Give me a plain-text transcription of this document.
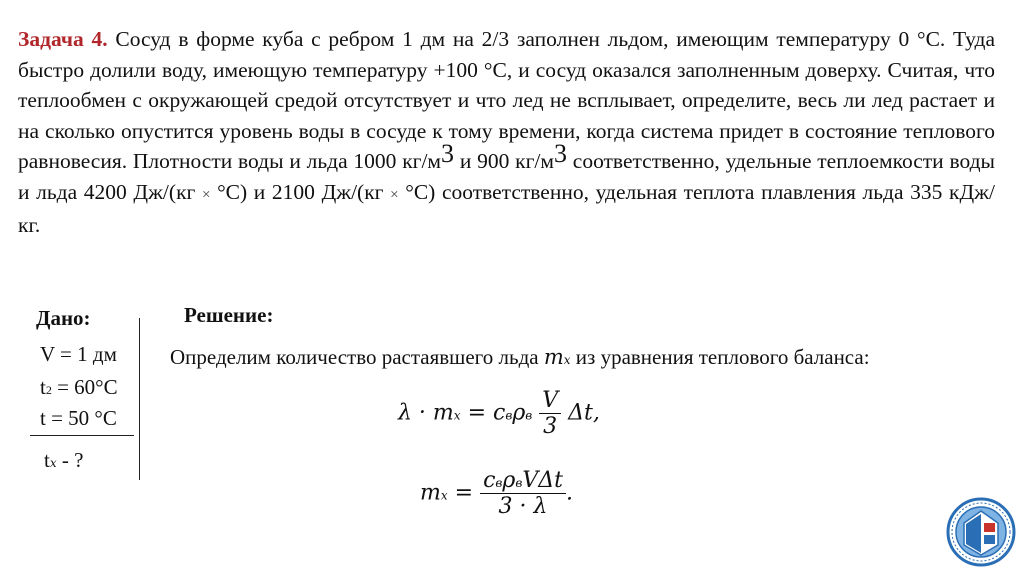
Задача 4. Сосуд в форме куба с ребром 1 дм на 2/3 заполнен льдом, имеющим температуру 0 °С. Туда быстро долили воду, имеющую температуру +100 °С, и сосуд оказался заполненным доверху. Считая, что теплообмен с окружающей средой отсутствует и что лед не всплывает, определите, весь ли лед растает и на сколько опустится уровень воды в сосуде к тому времени, когда система придет в состояние теплового равновесия. Плотности воды и льда 1000 кг/м3 и 900 кг/м3 соответственно, удельные теплоемкости воды и льда 4200 Дж/(кг × °С) и 2100 Дж/(кг × °С) соответственно, удельная теплота плавления льда 335 кДж/кг.
Дано:
V = 1 дм
t2 = 60°С
t = 50 °С
tx - ?
Решение:
Определим количество растаявшего льда mx из уравнения теплового баланса:
λ · mx = cвρв $\frac{V}{3} \Delta t$,
mx = $\frac{\text{cвρвVΔt}}{3 \cdot \lambda}$ .
